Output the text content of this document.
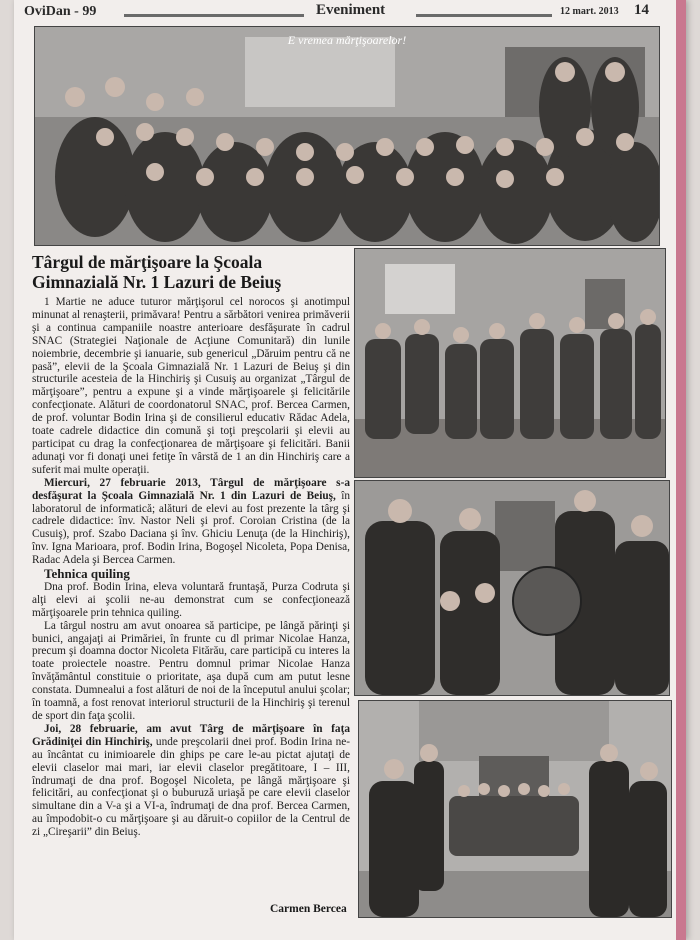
OviDan - 99	Eveniment	12 mart. 2013 14
E vremea mărţişoarelor!
Târgul de mărţişoare la Şcoala Gimnazială Nr. 1 Lazuri de Beiuş

1 Martie ne aduce tuturor mărţişorul cel norocos şi anotimpul minunat al renaşterii, primăvara! Pentru a sărbători venirea primăverii şi a continua campaniile noastre anterioare desfăşurate în cadrul SNAC (Strategiei Naţionale de Acţiune Comunitară) din lunile noiembrie, decembrie şi ianuarie, sub genericul „Dăruim pentru că ne pasă”, elevii de la Şcoala Gimnazială Nr. 1 Lazuri de Beiuş şi din structurile acesteia de la Hinchiriş şi Cusuiş au organizat „Târgul de mărţişoare”, pentru a expune şi a vinde mărţişoarele şi felicitările confecţionate. Alături de coordonatorul SNAC, prof. Bercea Carmen, de prof. voluntar Bodin Irina şi de consilierul educativ Rădac Adela, toate cadrele didactice din comună şi toţi preşcolarii şi elevii au participat cu drag la confecţionarea de mărţişoare şi felicitări. Banii adunaţi vor fi donaţi unei fetiţe în vârstă de 1 an din Hinchiriş care a suferit mai multe operaţii.

Miercuri, 27 februarie 2013, Târgul de mărţişoare s-a desfăşurat la Şcoala Gimnazială Nr. 1 din Lazuri de Beiuş, în laboratorul de informatică; alături de elevi au fost prezente la târg şi cadrele didactice: înv. Nastor Neli şi prof. Coroian Cristina (de la Cusuiş), prof. Szabo Daciana şi înv. Ghiciu Lenuţa (de la Hinchiriş), înv. Igna Marioara, prof. Bodin Irina, Bogoşel Nicoleta, Popa Denisa, Radac Adela şi Bercea Carmen.

Tehnica quiling

Dna prof. Bodin Irina, eleva voluntară fruntaşă, Purza Codruta şi alţi elevi ai şcolii ne-au demonstrat cum se confecţionează mărţişoarele prin tehnica quiling.

La târgul nostru am avut onoarea să participe, pe lângă părinţi şi bunici, angajaţi ai Primăriei, în frunte cu dl primar Nicolae Hanza, precum şi doamna doctor Nicoleta Fitărău, care participă cu interes la toate proiectele noastre. Pentru domnul primar Nicolae Hanza învăţământul constituie o prioritate, aşa după cum am putut lesne constata. Dumnealui a fost alături de noi de la începutul anului şcolar; în toamnă, a fost renovat interiorul structurii de la Hinchiriş şi terenul de sport din faţa şcolii.

Joi, 28 februarie, am avut Târg de mărţişoare în faţa Grădiniţei din Hinchiriş, unde preşcolarii dnei prof. Bodin Irina ne-au încântat cu inimioarele din ghips pe care le-au pictat ajutaţi de elevii claselor mai mari, iar elevii claselor pregătitoare, I – III, îndrumaţi de dna prof. Bogoşel Nicoleta, pe lângă mărţişoare şi felicitări, au confecţionat şi o buburuză uriaşă pe care elevii claselor simultane din a V-a şi a VI-a, îndrumaţi de dna prof. Bercea Carmen, au împodobit-o cu mărţişoare şi au dăruit-o copiilor de la Centrul de zi „Cireşarii” din Beiuş.

Carmen Bercea
